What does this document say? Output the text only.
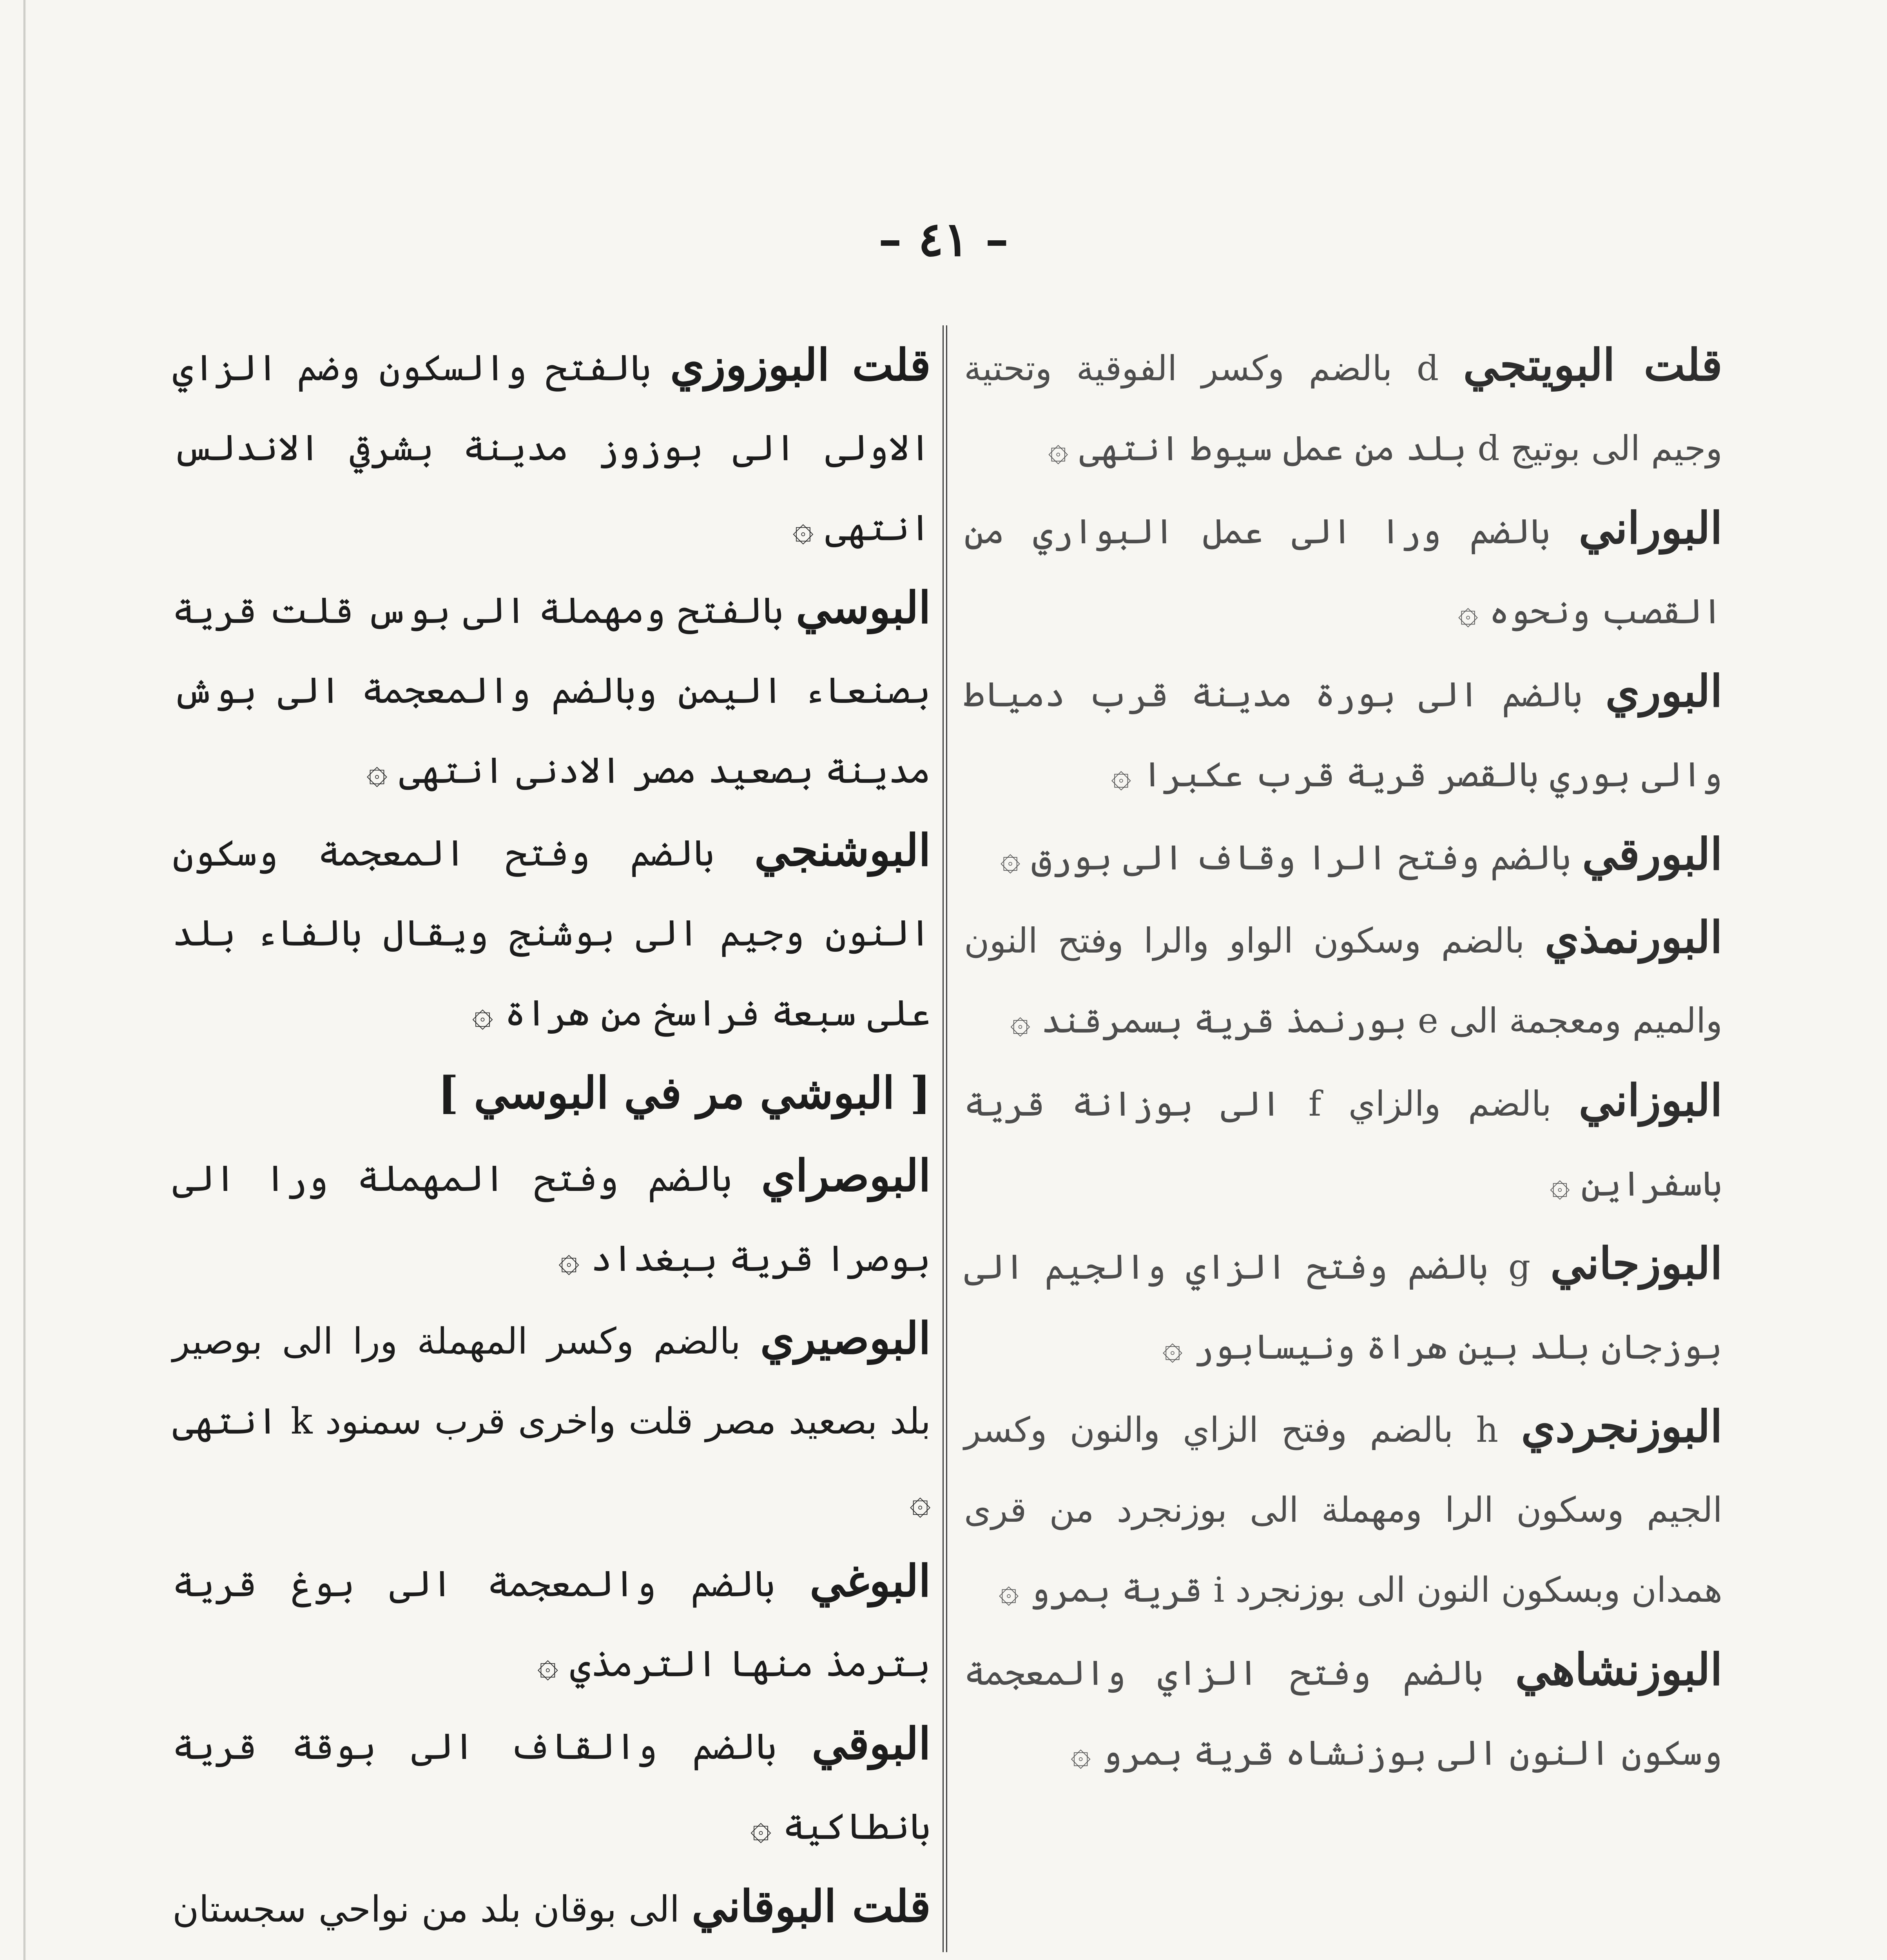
– ٤١ –

قلت البويتجي d بالضم وكسر الفوقية وتحتية وجيم الى بوتيج d بلد من عمل سيوط انتهى ۞

البوراني بالضم ورا الى عمل البواري من القصب ونحوه ۞

البوري بالضم الى بورة مدينة قرب دمياط والى بوري بالقصر قرية قرب عكبرا ۞

البورقي بالضم وفتح الرا وقاف الى بورق ۞

البورنمذي بالضم وسكون الواو والرا وفتح النون والميم ومعجمة الى e بورنمذ قرية بسمرقند ۞

البوزاني بالضم والزاي f الى بوزانة قرية باسفراين ۞

البوزجاني g بالضم وفتح الزاي والجيم الى بوزجان بلد بين هراة ونيسابور ۞

البوزنجردي h بالضم وفتح الزاي والنون وكسر الجيم وسكون الرا ومهملة الى بوزنجرد من قرى همدان وبسكون النون الى بوزنجرد i قرية بمرو ۞

البوزنشاهي بالضم وفتح الزاي والمعجمة وسكون النون الى بوزنشاه قرية بمرو ۞

قلت البوزوزي بالفتح والسكون وضم الزاي الاولى الى بوزوز مدينة بشرقي الاندلس انتهى ۞

البوسي بالفتح ومهملة الى بوس قلت قرية بصنعاء اليمن وبالضم والمعجمة الى بوش مدينة بصعيد مصر الادنى انتهى ۞

البوشنجي بالضم وفتح المعجمة وسكون النون وجيم الى بوشنج ويقال بالفاء بلد على سبعة فراسخ من هراة ۞

[ البوشي مر في البوسي ]

البوصراي بالضم وفتح المهملة ورا الى بوصرا قرية ببغداد ۞

البوصيري بالضم وكسر المهملة ورا الى بوصير بلد بصعيد مصر قلت واخرى قرب سمنود k انتهى ۞

البوغي بالضم والمعجمة الى بوغ قرية بترمذ منها الترمذي ۞

البوقي بالضم والقاف الى بوقة قرية بانطاكية ۞

قلت البوقاني الى بوقان بلد من نواحي سجستان
